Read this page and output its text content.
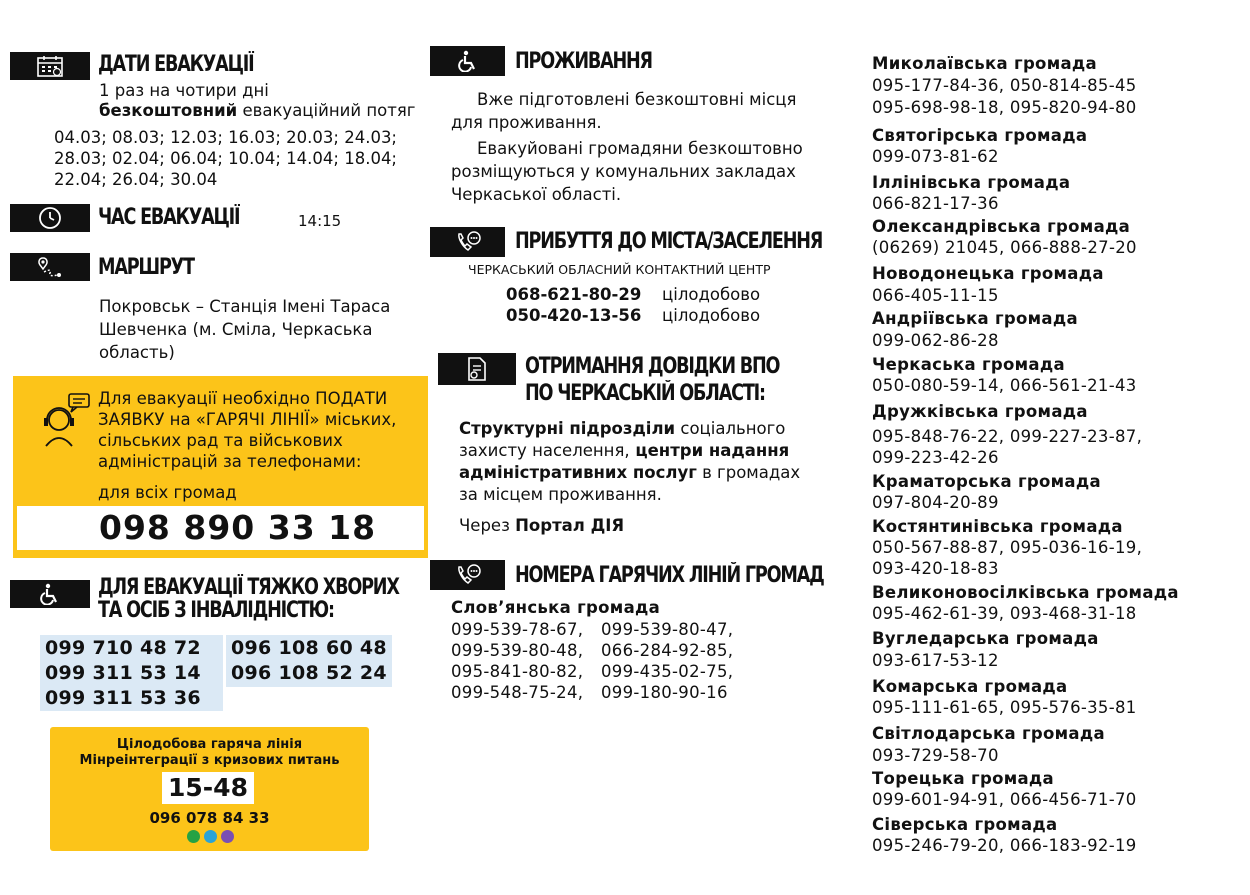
ДАТИ ЕВАКУАЦІЇ
1 раз на чотири дні
безкоштовний евакуаційний потяг
04.03; 08.03; 12.03; 16.03; 20.03; 24.03;
28.03; 02.04; 06.04; 10.04; 14.04; 18.04;
22.04; 26.04; 30.04
ЧАС ЕВАКУАЦІЇ	14:15
МАРШРУТ
Покровськ – Станція Імені Тараса
Шевченка (м. Сміла, Черкаська
область)
Для евакуації необхідно ПОДАТИ
ЗАЯВКУ на «ГАРЯЧІ ЛІНІЇ» міських,
сільських рад та військових
адміністрацій за телефонами:
для всіх громад
098 890 33 18
ДЛЯ ЕВАКУАЦІЇ ТЯЖКО ХВОРИХ
ТА ОСІБ З ІНВАЛІДНІСТЮ:
099 710 48 72
099 311 53 14
099 311 53 36
096 108 60 48
096 108 52 24
Цілодобова гаряча лінія
Мінреінтеграції з кризових питань
15-48
096 078 84 33
ПРОЖИВАННЯ
Вже підготовлені безкоштовні місця
для проживання.
Евакуйовані громадяни безкоштовно
розміщуються у комунальних закладах
Черкаської області.
ПРИБУТТЯ ДО МІСТА/ЗАСЕЛЕННЯ
ЧЕРКАСЬКИЙ ОБЛАСНИЙ КОНТАКТНИЙ ЦЕНТР
068-621-80-29 цілодобово
050-420-13-56 цілодобово
ОТРИМАННЯ ДОВІДКИ ВПО
ПО ЧЕРКАСЬКІЙ ОБЛАСТІ:
Структурні підрозділи соціального
захисту населення, центри надання
адміністративних послуг в громадах
за місцем проживання.
Через Портал ДІЯ
НОМЕРА ГАРЯЧИХ ЛІНІЙ ГРОМАД
Слов’янська громада
099-539-78-67, 099-539-80-47,
099-539-80-48, 066-284-92-85,
095-841-80-82, 099-435-02-75,
099-548-75-24, 099-180-90-16
Миколаївська громада
095-177-84-36, 050-814-85-45
095-698-98-18, 095-820-94-80
Святогірська громада
099-073-81-62
Іллінівська громада
066-821-17-36
Олександрівська громада
(06269) 21045, 066-888-27-20
Новодонецька громада
066-405-11-15
Андріївська громада
099-062-86-28
Черкаська громада
050-080-59-14, 066-561-21-43
Дружківська громада
095-848-76-22, 099-227-23-87,
099-223-42-26
Краматорська громада
097-804-20-89
Костянтинівська громада
050-567-88-87, 095-036-16-19,
093-420-18-83
Великоновосілківська громада
095-462-61-39, 093-468-31-18
Вугледарська громада
093-617-53-12
Комарська громада
095-111-61-65, 095-576-35-81
Світлодарська громада
093-729-58-70
Торецька громада
099-601-94-91, 066-456-71-70
Сіверська громада
095-246-79-20, 066-183-92-19
